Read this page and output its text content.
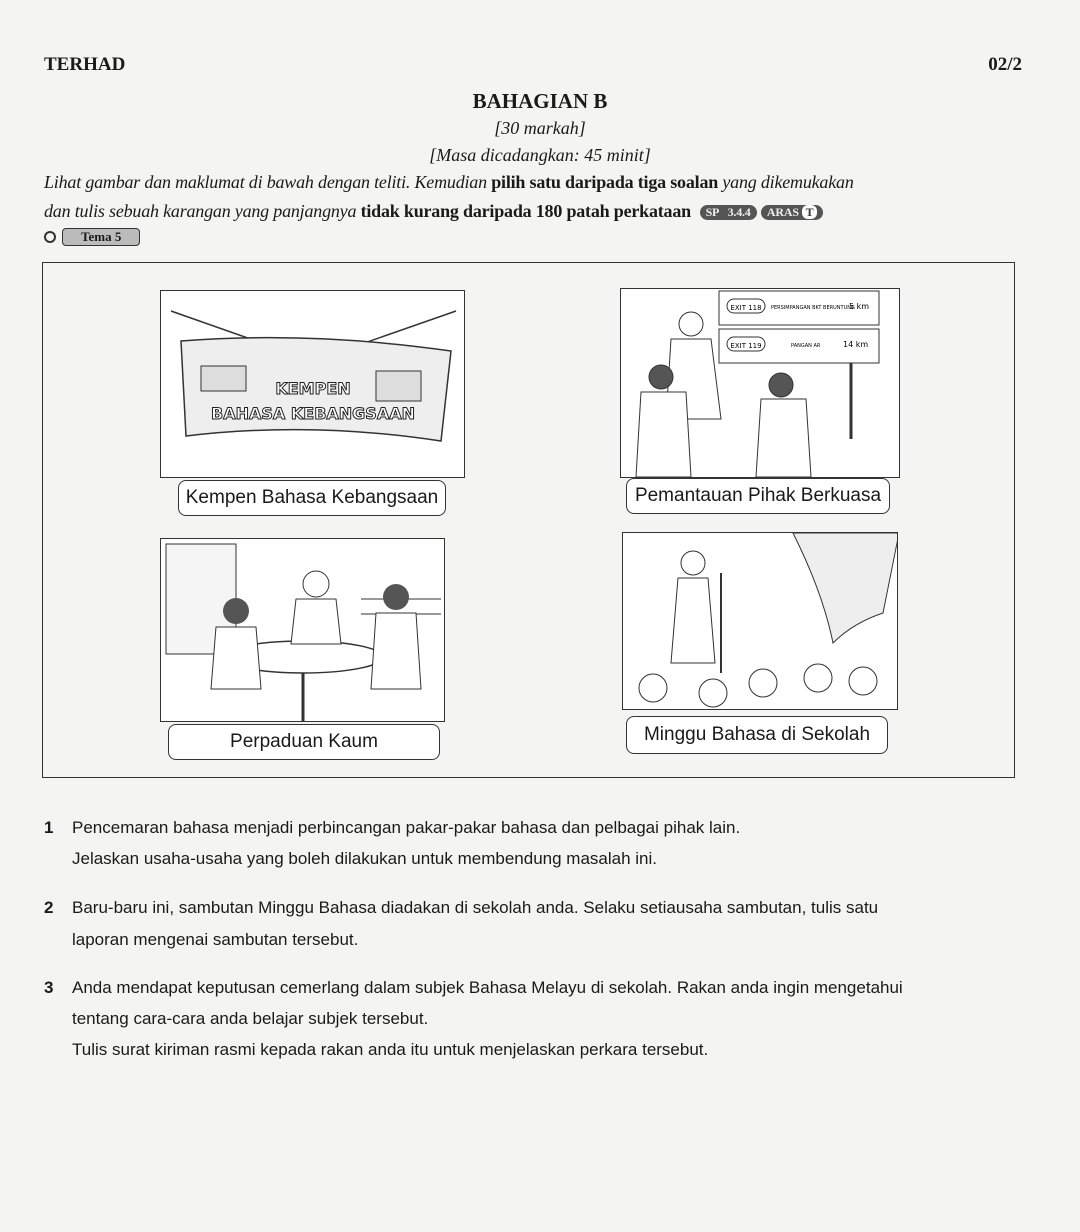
TERHAD	02/2
BAHAGIAN B
[30 markah]
[Masa dicadangkan: 45 minit]
Lihat gambar dan maklumat di bawah dengan teliti. Kemudian pilih satu daripada tiga soalan yang dikemukakan
dan tulis sebuah karangan yang panjangnya tidak kurang daripada 180 patah perkataan SP 3.4.4 ARAS T
Tema 5
KEMPEN
BAHASA KEBANGSAAN
Kempen Bahasa Kebangsaan
EXIT 118 PERSIMPANGAN BKT BERUNTUNG
5 km
EXIT 119	PANGAN AR	14 km
Pemantauan Pihak Berkuasa
Perpaduan Kaum	Minggu Bahasa di Sekolah
1 Pencemaran bahasa menjadi perbincangan pakar-pakar bahasa dan pelbagai pihak lain.
Jelaskan usaha-usaha yang boleh dilakukan untuk membendung masalah ini.
2 Baru-baru ini, sambutan Minggu Bahasa diadakan di sekolah anda. Selaku setiausaha sambutan, tulis satu
laporan mengenai sambutan tersebut.
3 Anda mendapat keputusan cemerlang dalam subjek Bahasa Melayu di sekolah. Rakan anda ingin mengetahui
tentang cara-cara anda belajar subjek tersebut.
Tulis surat kiriman rasmi kepada rakan anda itu untuk menjelaskan perkara tersebut.
